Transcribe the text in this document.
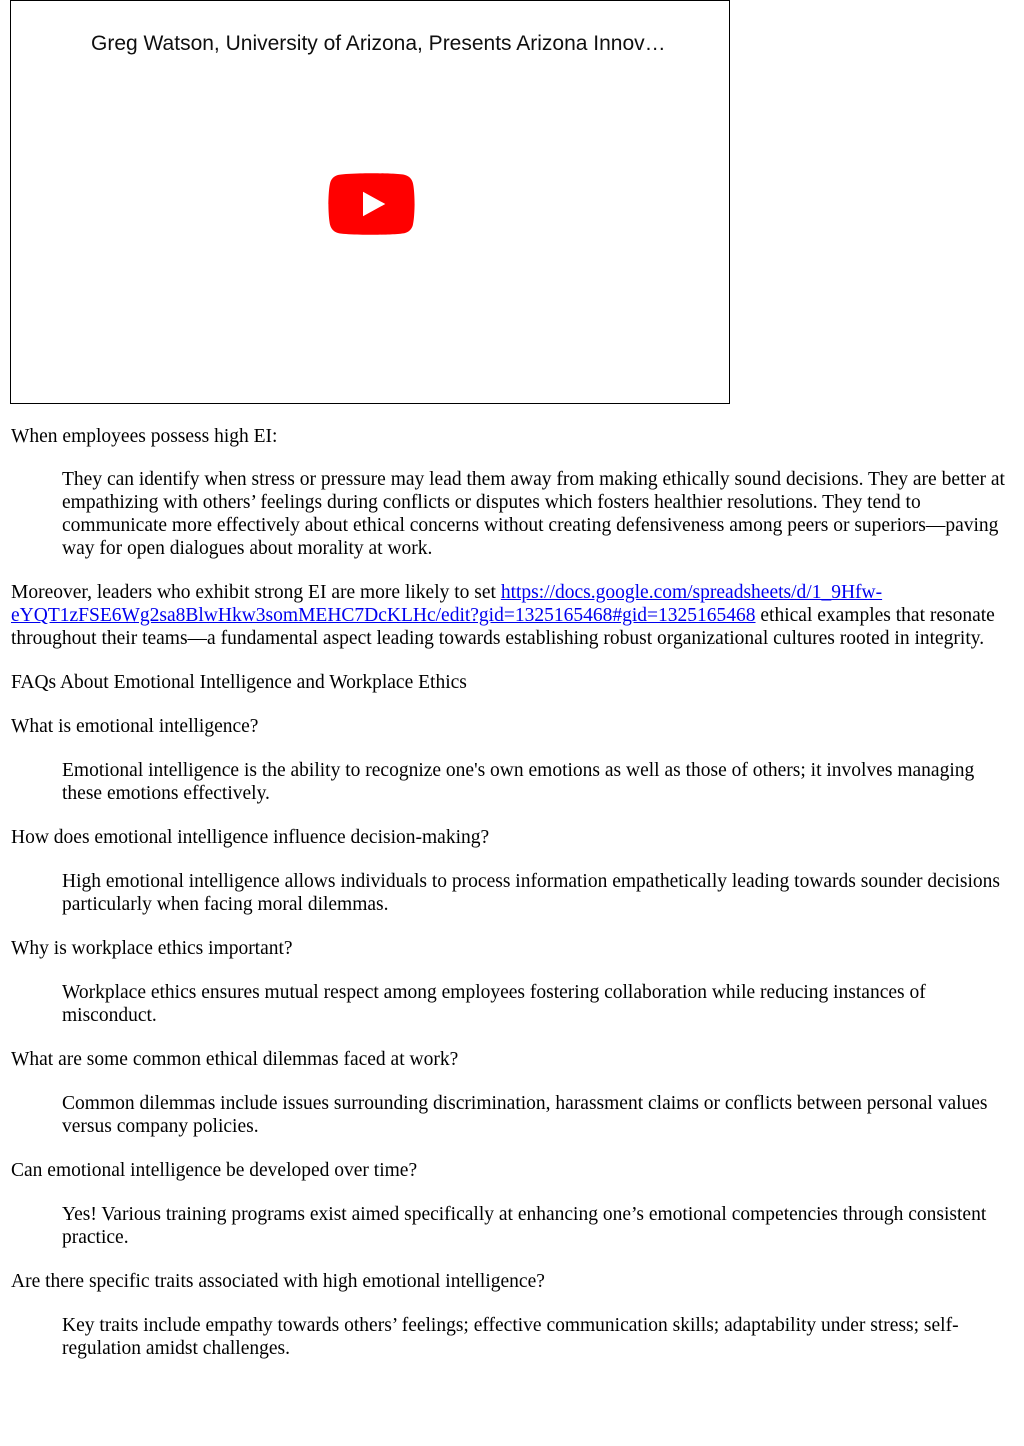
Greg Watson, University of Arizona, Presents Arizona Innov…

When employees possess high EI:

They can identify when stress or pressure may lead them away from making ethically sound decisions. They are better at empathizing with others’ feelings during conflicts or disputes which fosters healthier resolutions. They tend to communicate more effectively about ethical concerns without creating defensiveness among peers or superiors—paving way for open dialogues about morality at work.

Moreover, leaders who exhibit strong EI are more likely to set https://docs.google.com/spreadsheets/d/1_9Hfw-eYQT1zFSE6Wg2sa8BlwHkw3somMEHC7DcKLHc/edit?gid=1325165468#gid=1325165468 ethical examples that resonate throughout their teams—a fundamental aspect leading towards establishing robust organizational cultures rooted in integrity.

FAQs About Emotional Intelligence and Workplace Ethics

What is emotional intelligence?

Emotional intelligence is the ability to recognize one's own emotions as well as those of others; it involves managing these emotions effectively.

How does emotional intelligence influence decision-making?

High emotional intelligence allows individuals to process information empathetically leading towards sounder decisions particularly when facing moral dilemmas.

Why is workplace ethics important?

Workplace ethics ensures mutual respect among employees fostering collaboration while reducing instances of misconduct.

What are some common ethical dilemmas faced at work?

Common dilemmas include issues surrounding discrimination, harassment claims or conflicts between personal values versus company policies.

Can emotional intelligence be developed over time?

Yes! Various training programs exist aimed specifically at enhancing one’s emotional competencies through consistent practice.

Are there specific traits associated with high emotional intelligence?

Key traits include empathy towards others’ feelings; effective communication skills; adaptability under stress; self-regulation amidst challenges.
